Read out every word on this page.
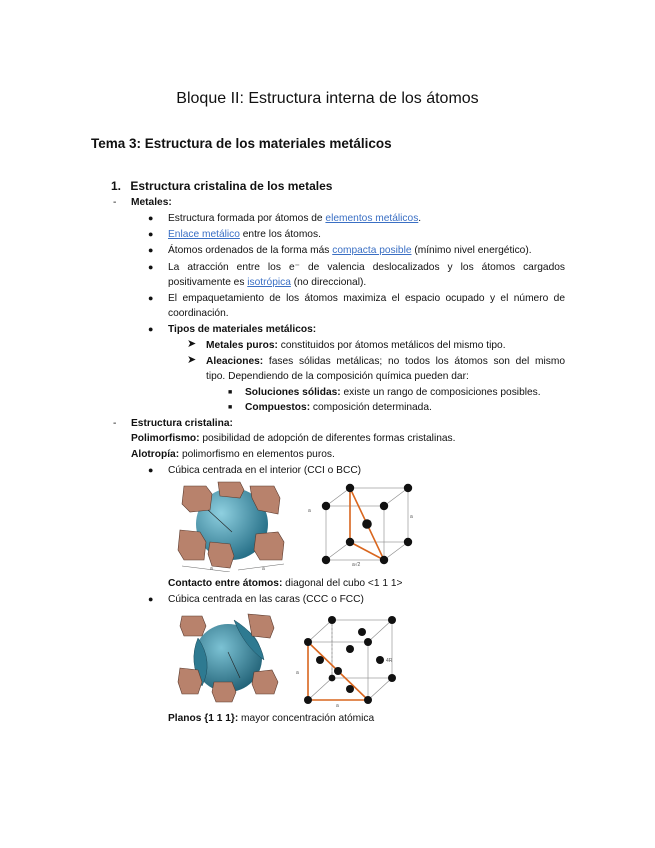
Bloque II: Estructura interna de los átomos
Tema 3: Estructura de los materiales metálicos
1. Estructura cristalina de los metales
- Metales:
● Estructura formada por átomos de elementos metálicos.
● Enlace metálico entre los átomos.
● Átomos ordenados de la forma más compacta posible (mínimo nivel energético).
● La atracción entre los e⁻ de valencia deslocalizados y los átomos cargados
positivamente es isotrópica (no direccional).
● El empaquetamiento de los átomos maximiza el espacio ocupado y el número de
coordinación.
● Tipos de materiales metálicos:
➤ Metales puros: constituidos por átomos metálicos del mismo tipo.
➤ Aleaciones: fases sólidas metálicas; no todos los átomos son del mismo
tipo. Dependiendo de la composición química pueden dar:
■ Soluciones sólidas: existe un rango de composiciones posibles.
■ Compuestos: composición determinada.
- Estructura cristalina:
Polimorfismo: posibilidad de adopción de diferentes formas cristalinas.
Alotropía: polimorfismo en elementos puros.
● Cúbica centrada en el interior (CCI o BCC)
a	a
a
a
a√2
Contacto entre átomos: diagonal del cubo <1 1 1>
● Cúbica centrada en las caras (CCC o FCC)
a
a
4R
Planos {1 1 1}: mayor concentración atómica
